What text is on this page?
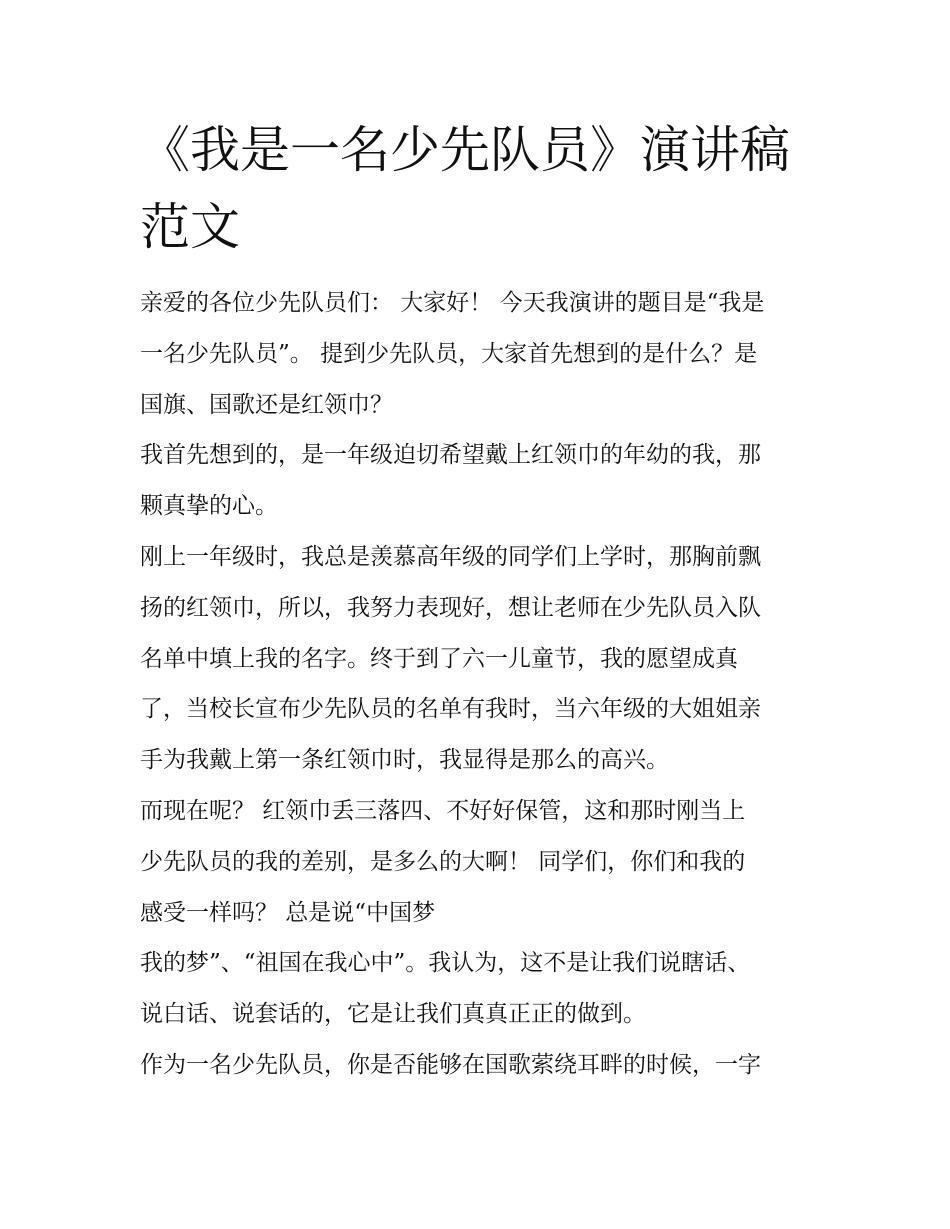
《我是一名少先队员》演讲稿
范文
亲爱的各位少先队员们： 大家好！ 今天我演讲的题目是“我是
一名少先队员”。 提到少先队员，大家首先想到的是什么？是
国旗、国歌还是红领巾？
我首先想到的，是一年级迫切希望戴上红领巾的年幼的我，那
颗真挚的心。
刚上一年级时，我总是羡慕高年级的同学们上学时，那胸前飘
扬的红领巾，所以，我努力表现好，想让老师在少先队员入队
名单中填上我的名字。终于到了六一儿童节，我的愿望成真
了，当校长宣布少先队员的名单有我时，当六年级的大姐姐亲
手为我戴上第一条红领巾时，我显得是那么的高兴。
而现在呢？ 红领巾丢三落四、不好好保管，这和那时刚当上
少先队员的我的差别，是多么的大啊！ 同学们，你们和我的
感受一样吗？ 总是说“中国梦
我的梦”、“祖国在我心中”。我认为，这不是让我们说瞎话、
说白话、说套话的，它是让我们真真正正的做到。
作为一名少先队员，你是否能够在国歌萦绕耳畔的时候，一字
